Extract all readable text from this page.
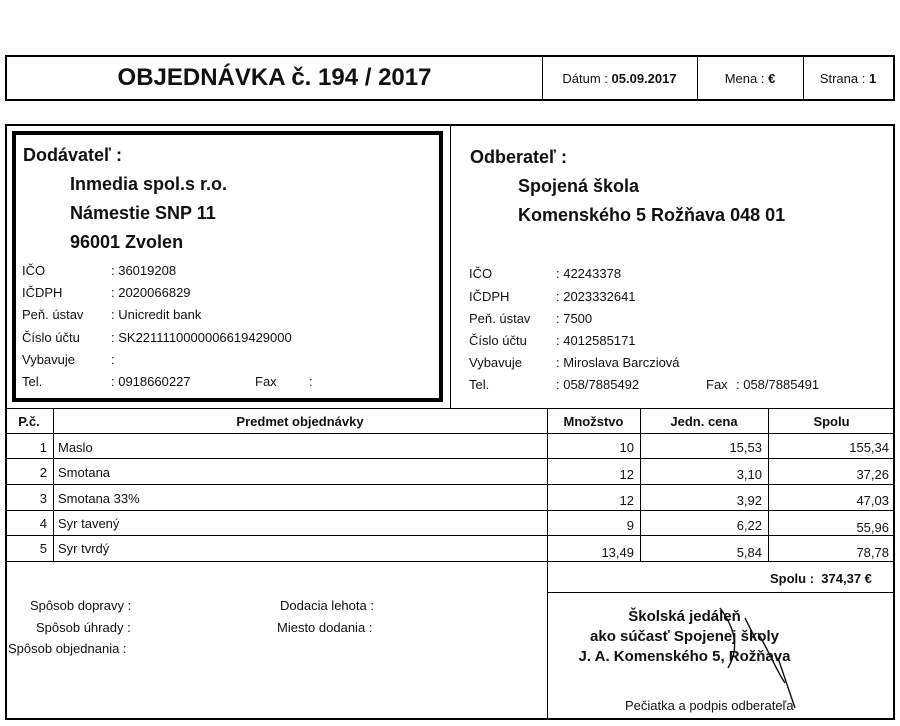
OBJEDNÁVKA č. 194 / 2017	Dátum :
05.09.2017	Mena :
€	Strana :
1
Dodávateľ :
Inmedia spol.s r.o.
Námestie SNP 11
96001 Zvolen
IČO	: 36019208
IČDPH	: 2020066829
Peň. ústav : Unicredit bank
Číslo účtu : SK2211110000006619429000
Vybavuje	:
Tel.	: 0918660227	Fax :
Odberateľ :
Spojená škola
Komenského 5 Rožňava 048 01
IČO	: 42243378
IČDPH	: 2023332641
Peň. ústav : 7500
Číslo účtu : 4012585171
Vybavuje	: Miroslava Barcziová
Tel.	: 058/7885492	Fax : 058/7885491
P.č.	Predmet objednávky	Množstvo	Jedn. cena	Spolu
1 Maslo	10	15,53	155,34
2 Smotana	12	3,10	37,26
3 Smotana 33%	12	3,92	47,03
4 Syr tavený	9	6,22	55,96
5 Syr tvrdý	13,49	5,84	78,78
Spolu : 374,37 €
Spôsob dopravy :
Spôsob úhrady :
Spôsob objednania :
Dodacia lehota :
Miesto dodania :
Školská jedáleň
ako súčasť Spojenej školy
J. A. Komenského 5, Rožňava
Pečiatka a podpis odberateľa
